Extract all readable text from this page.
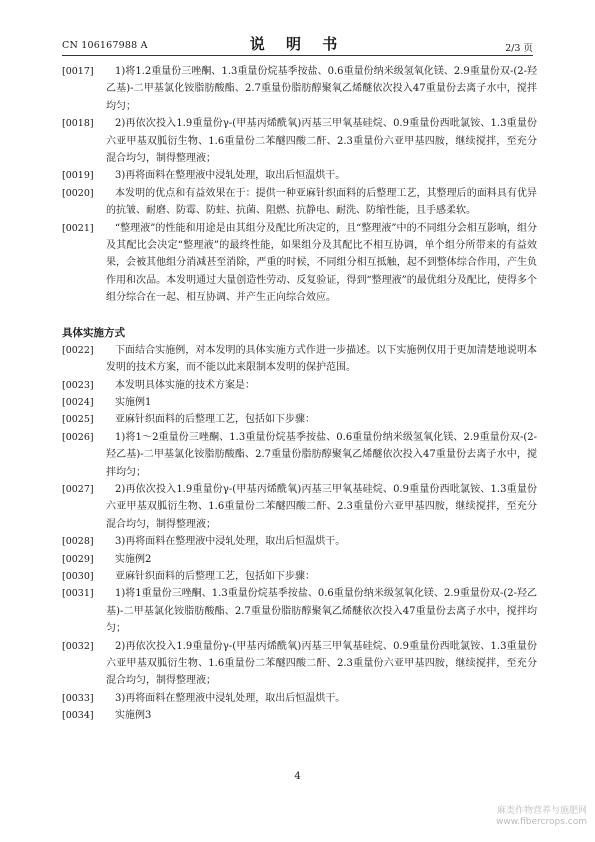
CN 106167988 A	说 明 书	2/3 页

[0017]	1)将1.2重量份三唑酮、1.3重量份烷基季按盐、0.6重量份纳米级氢氧化镁、2.9重量份双-(2-羟乙基)-二甲基氯化铵脂肪酸酯、2.7重量份脂肪醇聚氧乙烯醚依次投入47重量份去离子水中，搅拌均匀；

[0018]	2)再依次投入1.9重量份γ-(甲基丙烯酰氧)丙基三甲氧基硅烷、0.9重量份西吡氯铵、1.3重量份六亚甲基双胍衍生物、1.6重量份二苯醚四酸二酐、2.3重量份六亚甲基四胺，继续搅拌，至充分混合均匀，制得整理液；

[0019]	3)再将面料在整理液中浸轧处理，取出后恒温烘干。

[0020]	本发明的优点和有益效果在于：提供一种亚麻针织面料的后整理工艺，其整理后的面料具有优异的抗皱、耐磨、防霉、防蛀、抗菌、阻燃、抗静电、耐洗、防缩性能，且手感柔软。

[0021]	“整理液”的性能和用途是由其组分及配比所决定的，且“整理液”中的不同组分会相互影响，组分及其配比会决定“整理液”的最终性能，如果组分及其配比不相互协调，单个组分所带来的有益效果，会被其他组分消减甚至消除，严重的时候，不同组分相互抵触，起不到整体综合作用，产生负作用和次品。本发明通过大量创造性劳动、反复验证，得到“整理液”的最优组分及配比，使得多个组分综合在一起、相互协调、并产生正向综合效应。

具体实施方式

[0022]	下面结合实施例，对本发明的具体实施方式作进一步描述。以下实施例仅用于更加清楚地说明本发明的技术方案，而不能以此来限制本发明的保护范围。

[0023]	本发明具体实施的技术方案是：

[0024]	实施例1

[0025]	亚麻针织面料的后整理工艺，包括如下步骤：

[0026]	1)将1～2重量份三唑酮、1.3重量份烷基季按盐、0.6重量份纳米级氢氧化镁、2.9重量份双-(2-羟乙基)-二甲基氯化铵脂肪酸酯、2.7重量份脂肪醇聚氧乙烯醚依次投入47重量份去离子水中，搅拌均匀；

[0027]	2)再依次投入1.9重量份γ-(甲基丙烯酰氧)丙基三甲氧基硅烷、0.9重量份西吡氯铵、1.3重量份六亚甲基双胍衍生物、1.6重量份二苯醚四酸二酐、2.3重量份六亚甲基四胺，继续搅拌，至充分混合均匀，制得整理液；

[0028]	3)再将面料在整理液中浸轧处理，取出后恒温烘干。

[0029]	实施例2

[0030]	亚麻针织面料的后整理工艺，包括如下步骤：

[0031]	1)将1重量份三唑酮、1.3重量份烷基季按盐、0.6重量份纳米级氢氧化镁、2.9重量份双-(2-羟乙基)-二甲基氯化铵脂肪酸酯、2.7重量份脂肪醇聚氧乙烯醚依次投入47重量份去离子水中，搅拌均匀；

[0032]	2)再依次投入1.9重量份γ-(甲基丙烯酰氧)丙基三甲氧基硅烷、0.9重量份西吡氯铵、1.3重量份六亚甲基双胍衍生物、1.6重量份二苯醚四酸二酐、2.3重量份六亚甲基四胺，继续搅拌，至充分混合均匀，制得整理液；

[0033]	3)再将面料在整理液中浸轧处理，取出后恒温烘干。

[0034]	实施例3

4
麻类作物营养与施肥网
www.fibercrops.com
